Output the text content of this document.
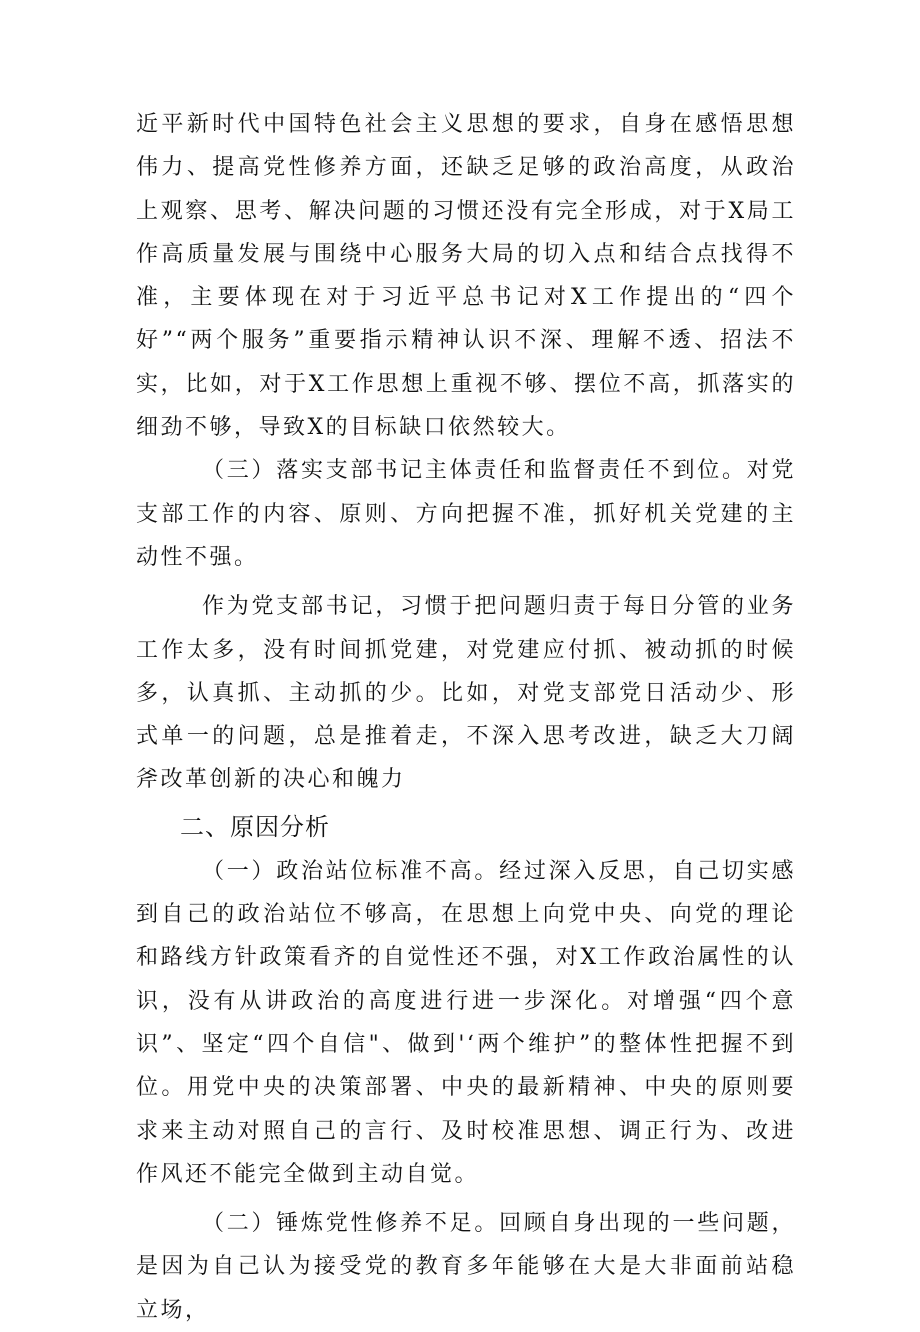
近平新时代中国特色社会主义思想的要求，自身在感悟思想伟力、提高党性修养方面，还缺乏足够的政治高度，从政治上观察、思考、解决问题的习惯还没有完全形成，对于X局工作高质量发展与围绕中心服务大局的切入点和结合点找得不准，主要体现在对于习近平总书记对X工作提出的“四个好”“两个服务”重要指示精神认识不深、理解不透、招法不实，比如，对于X工作思想上重视不够、摆位不高，抓落实的细劲不够，导致X的目标缺口依然较大。

（三）落实支部书记主体责任和监督责任不到位。对党支部工作的内容、原则、方向把握不准，抓好机关党建的主动性不强。

作为党支部书记，习惯于把问题归责于每日分管的业务工作太多，没有时间抓党建，对党建应付抓、被动抓的时候多，认真抓、主动抓的少。比如，对党支部党日活动少、形式单一的问题，总是推着走，不深入思考改进，缺乏大刀阔斧改革创新的决心和魄力

二、原因分析

（一）政治站位标准不高。经过深入反思，自己切实感到自己的政治站位不够高，在思想上向党中央、向党的理论和路线方针政策看齐的自觉性还不强，对X工作政治属性的认识，没有从讲政治的高度进行进一步深化。对增强“四个意识”、坚定“四个自信"、做到'‘两个维护”的整体性把握不到位。用党中央的决策部署、中央的最新精神、中央的原则要求来主动对照自己的言行、及时校准思想、调正行为、改进作风还不能完全做到主动自觉。

（二）锤炼党性修养不足。回顾自身出现的一些问题，是因为自己认为接受党的教育多年能够在大是大非面前站稳立场，
